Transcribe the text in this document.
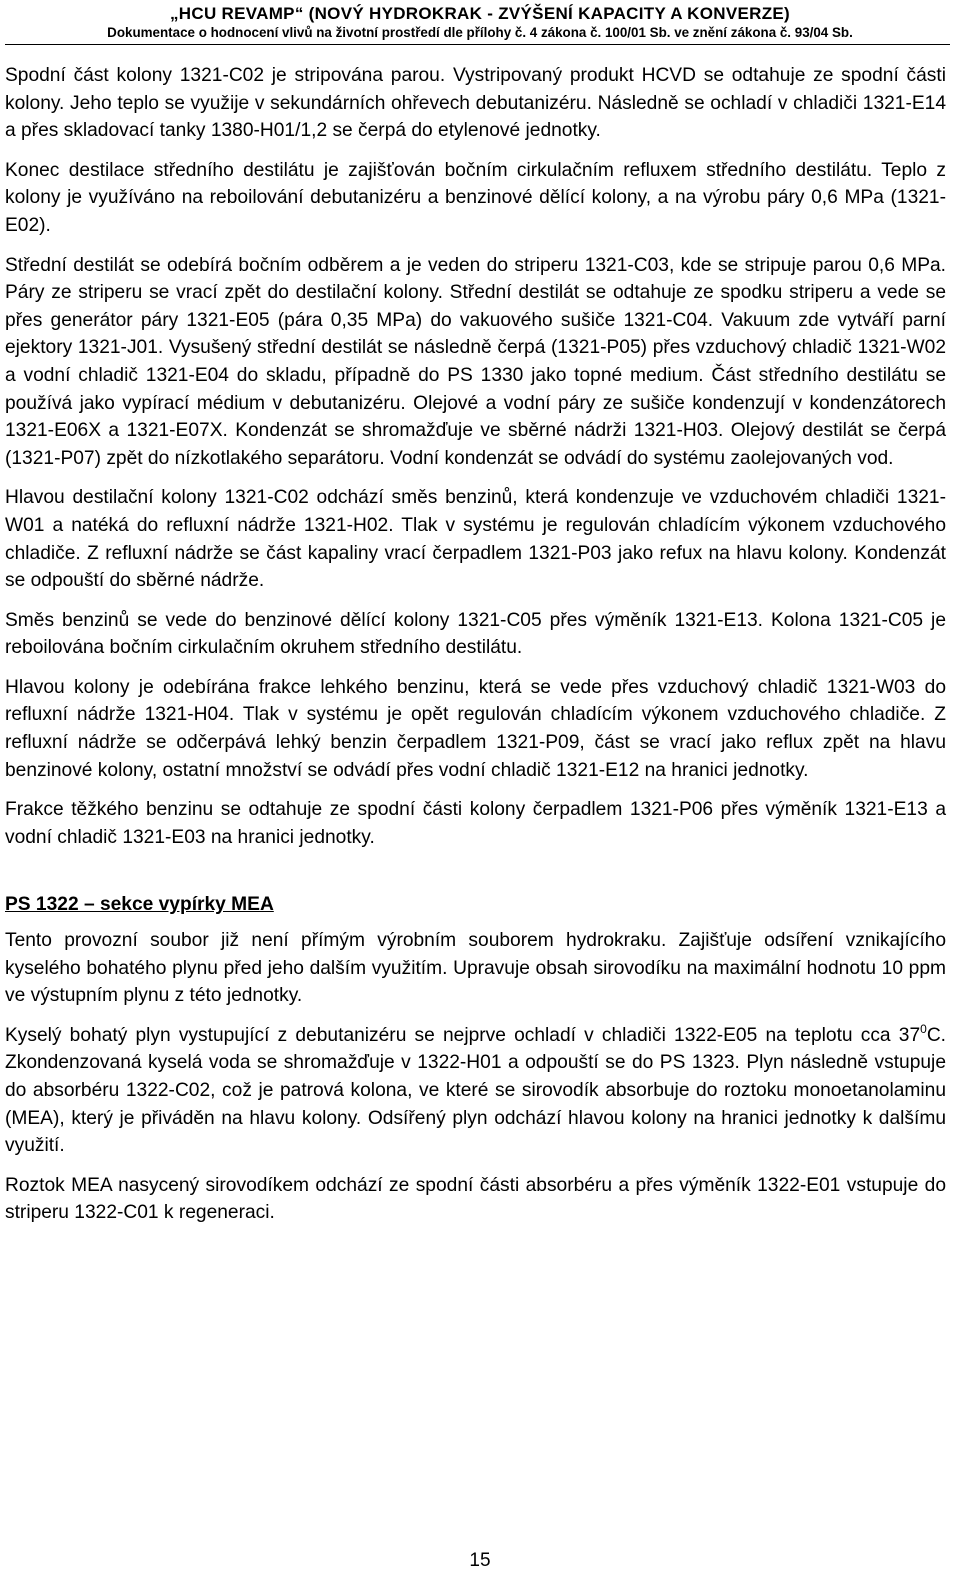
„HCU REVAMP“ (NOVÝ HYDROKRAK - ZVÝŠENÍ KAPACITY A KONVERZE)
Dokumentace o hodnocení vlivů na životní prostředí dle přílohy č. 4 zákona č. 100/01 Sb. ve znění zákona č. 93/04 Sb.

Spodní část kolony 1321-C02 je stripována parou. Vystripovaný produkt HCVD se odtahuje ze spodní části kolony. Jeho teplo se využije v sekundárních ohřevech debutanizéru. Následně se ochladí v chladiči 1321-E14 a přes skladovací tanky 1380-H01/1,2 se čerpá do etylenové jednotky.

Konec destilace středního destilátu je zajišťován bočním cirkulačním refluxem středního destilátu. Teplo z kolony je využíváno na reboilování debutanizéru a benzinové dělící kolony, a na výrobu páry 0,6 MPa (1321-E02).

Střední destilát se odebírá bočním odběrem a je veden do striperu 1321-C03, kde se stripuje parou 0,6 MPa. Páry ze striperu se vrací zpět do destilační kolony. Střední destilát se odtahuje ze spodku striperu a vede se přes generátor páry 1321-E05 (pára 0,35 MPa) do vakuového sušiče 1321-C04. Vakuum zde vytváří parní ejektory 1321-J01. Vysušený střední destilát se následně čerpá (1321-P05) přes vzduchový chladič 1321-W02 a vodní chladič 1321-E04 do skladu, případně do PS 1330 jako topné medium. Část středního destilátu se používá jako vypírací médium v debutanizéru. Olejové a vodní páry ze sušiče kondenzují v kondenzátorech 1321-E06X a 1321-E07X. Kondenzát se shromažďuje ve sběrné nádrži 1321-H03. Olejový destilát se čerpá (1321-P07) zpět do nízkotlakého separátoru. Vodní kondenzát se odvádí do systému zaolejovaných vod.

Hlavou destilační kolony 1321-C02 odchází směs benzinů, která kondenzuje ve vzduchovém chladiči 1321-W01 a natéká do refluxní nádrže 1321-H02. Tlak v systému je regulován chladícím výkonem vzduchového chladiče. Z refluxní nádrže se část kapaliny vrací čerpadlem 1321-P03 jako refux na hlavu kolony. Kondenzát se odpouští do sběrné nádrže.

Směs benzinů se vede do benzinové dělící kolony 1321-C05 přes výměník 1321-E13. Kolona 1321-C05 je reboilována bočním cirkulačním okruhem středního destilátu.

Hlavou kolony je odebírána frakce lehkého benzinu, která se vede přes vzduchový chladič 1321-W03 do refluxní nádrže 1321-H04. Tlak v systému je opět regulován chladícím výkonem vzduchového chladiče. Z refluxní nádrže se odčerpává lehký benzin čerpadlem 1321-P09, část se vrací jako reflux zpět na hlavu benzinové kolony, ostatní množství se odvádí přes vodní chladič 1321-E12 na hranici jednotky.

Frakce těžkého benzinu se odtahuje ze spodní části kolony čerpadlem 1321-P06 přes výměník 1321-E13 a vodní chladič 1321-E03 na hranici jednotky.

PS 1322 – sekce vypírky MEA

Tento provozní soubor již není přímým výrobním souborem hydrokraku. Zajišťuje odsíření vznikajícího kyselého bohatého plynu před jeho dalším využitím. Upravuje obsah sirovodíku na maximální hodnotu 10 ppm ve výstupním plynu z této jednotky.

Kyselý bohatý plyn vystupující z debutanizéru se nejprve ochladí v chladiči 1322-E05 na teplotu cca $37^0C$. Zkondenzovaná kyselá voda se shromažďuje v 1322-H01 a odpouští se do PS 1323. Plyn následně vstupuje do absorbéru 1322-C02, což je patrová kolona, ve které se sirovodík absorbuje do roztoku monoetanolaminu (MEA), který je přiváděn na hlavu kolony. Odsířený plyn odchází hlavou kolony na hranici jednotky k dalšímu využití.

Roztok MEA nasycený sirovodíkem odchází ze spodní části absorbéru a přes výměník 1322-E01 vstupuje do striperu 1322-C01 k regeneraci.

15
